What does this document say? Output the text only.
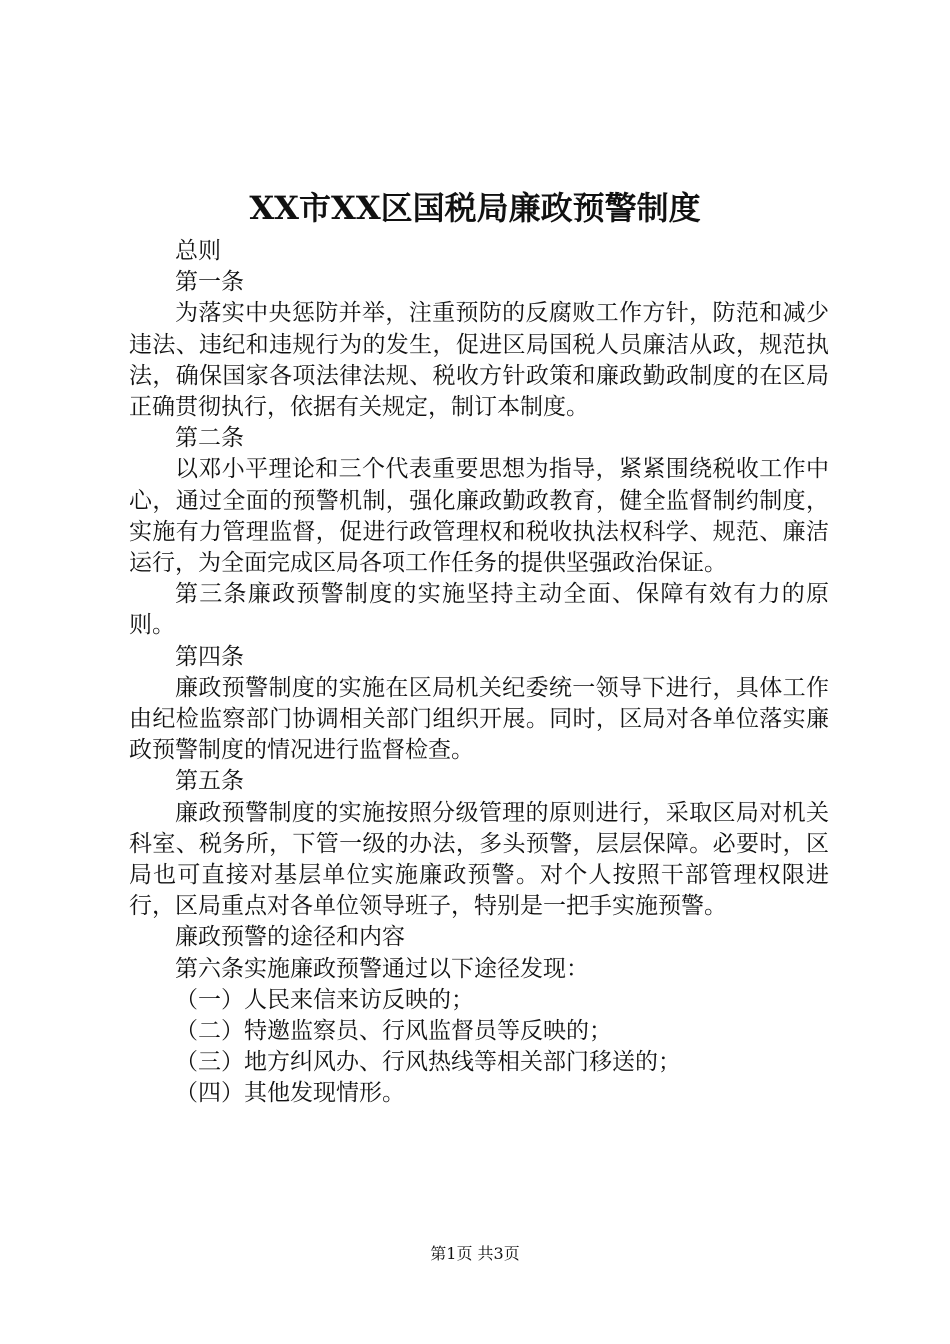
XX市XX区国税局廉政预警制度

总则

第一条

为落实中央惩防并举，注重预防的反腐败工作方针，防范和减少违法、违纪和违规行为的发生，促进区局国税人员廉洁从政，规范执法，确保国家各项法律法规、税收方针政策和廉政勤政制度的在区局正确贯彻执行，依据有关规定，制订本制度。

第二条

以邓小平理论和三个代表重要思想为指导，紧紧围绕税收工作中心，通过全面的预警机制，强化廉政勤政教育，健全监督制约制度，实施有力管理监督，促进行政管理权和税收执法权科学、规范、廉洁运行，为全面完成区局各项工作任务的提供坚强政治保证。

第三条廉政预警制度的实施坚持主动全面、保障有效有力的原则。

第四条

廉政预警制度的实施在区局机关纪委统一领导下进行，具体工作由纪检监察部门协调相关部门组织开展。同时，区局对各单位落实廉政预警制度的情况进行监督检查。

第五条

廉政预警制度的实施按照分级管理的原则进行，采取区局对机关科室、税务所，下管一级的办法，多头预警，层层保障。必要时，区局也可直接对基层单位实施廉政预警。对个人按照干部管理权限进行，区局重点对各单位领导班子，特别是一把手实施预警。

廉政预警的途径和内容

第六条实施廉政预警通过以下途径发现：

（一）人民来信来访反映的；

（二）特邀监察员、行风监督员等反映的；

（三）地方纠风办、行风热线等相关部门移送的；

（四）其他发现情形。

第1页 共3页
